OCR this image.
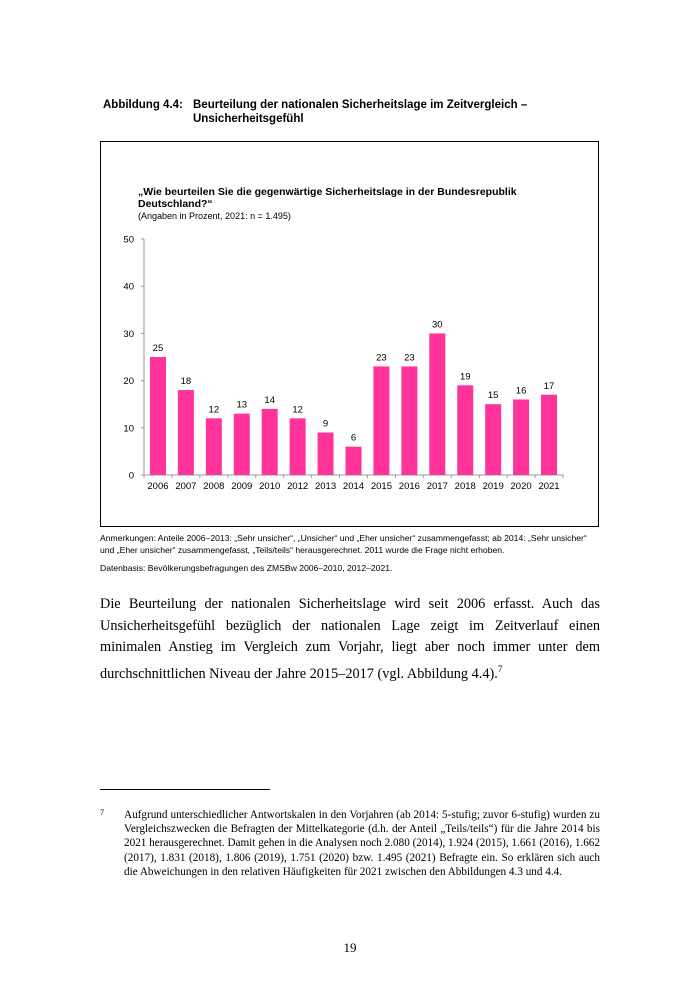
Abbildung 4.4: Beurteilung der nationalen Sicherheitslage im Zeitvergleich – Unsicherheitsgefühl
„Wie beurteilen Sie die gegenwärtige Sicherheitslage in der Bundesrepublik
Deutschland?“
(Angaben in Prozent, 2021: n = 1.495)
0
10
20
30
40
50
25
2006
18
2007
12
2008
13
2009
14
2010
12
2012
9
2013
6
2014
23
2015
23
2016
30
2017
19
2018
15
2019
16
2020
17
2021

Anmerkungen: Anteile 2006–2013: „Sehr unsicher“, „Unsicher“ und „Eher unsicher“ zusammengefasst; ab 2014: „Sehr unsicher“ und „Eher unsicher“ zusammengefasst, „Teils/teils“ herausgerechnet. 2011 wurde die Frage nicht erhoben.

Datenbasis: Bevölkerungsbefragungen des ZMSBw 2006–2010, 2012–2021.

Die Beurteilung der nationalen Sicherheitslage wird seit 2006 erfasst. Auch das Unsicherheitsgefühl bezüglich der nationalen Lage zeigt im Zeitverlauf einen minimalen Anstieg im Vergleich zum Vorjahr, liegt aber noch immer unter dem durchschnittlichen Niveau der Jahre 2015–2017 (vgl. Abbildung 4.4).$^7$
7 Aufgrund unterschiedlicher Antwortskalen in den Vorjahren (ab 2014: 5-stufig; zuvor 6-stufig) wurden zu Vergleichszwecken die Befragten der Mittelkategorie (d.h. der Anteil „Teils/teils“) für die Jahre 2014 bis 2021 herausgerechnet. Damit gehen in die Analysen noch 2.080 (2014), 1.924 (2015), 1.661 (2016), 1.662 (2017), 1.831 (2018), 1.806 (2019), 1.751 (2020) bzw. 1.495 (2021) Befragte ein. So erklären sich auch die Abweichungen in den relativen Häufigkeiten für 2021 zwischen den Abbildungen 4.3 und 4.4.
19
